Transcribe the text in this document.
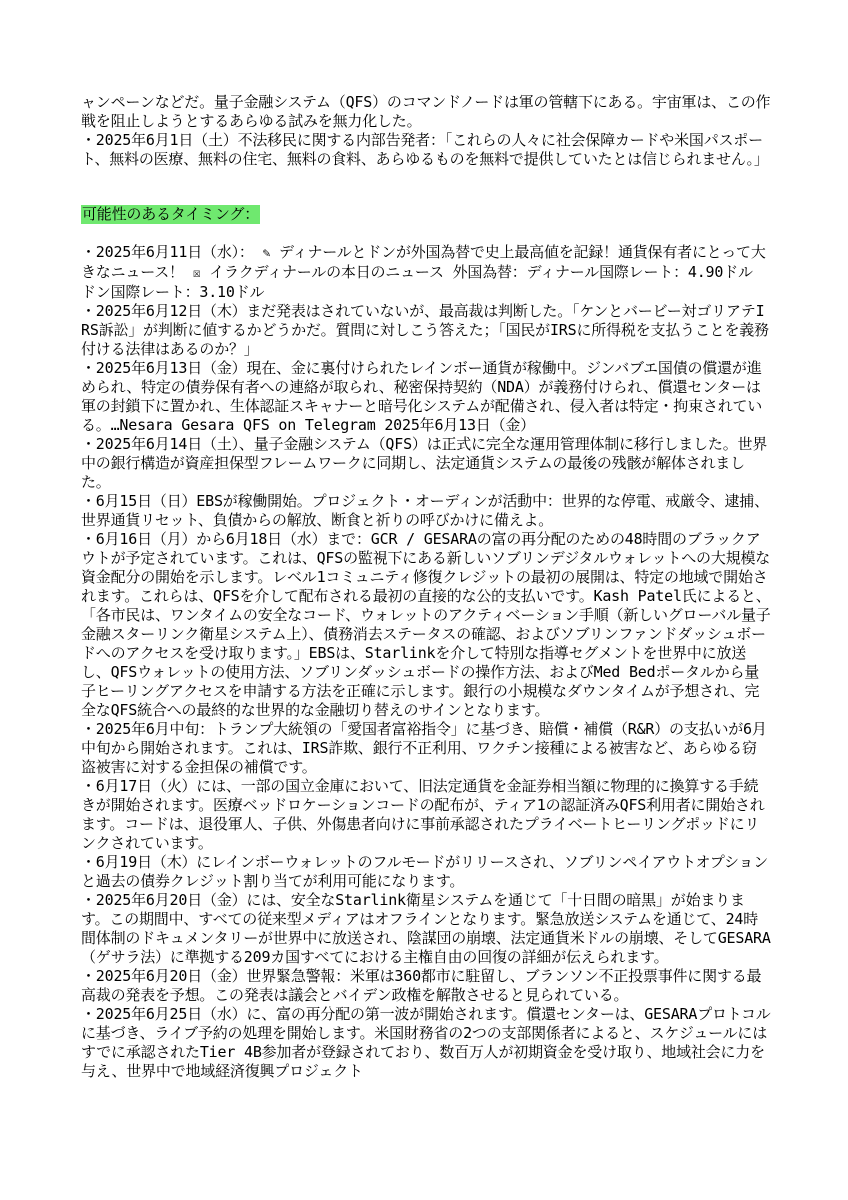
ャンペーンなどだ。量子金融システム（QFS）のコマンドノードは軍の管轄下にある。宇宙軍は、この作戦を阻止しようとするあらゆる試みを無力化した。

・2025年6月1日（土）不法移民に関する内部告発者：「これらの人々に社会保障カードや米国パスポート、無料の医療、無料の住宅、無料の食料、あらゆるものを無料で提供していたとは信じられません。」

可能性のあるタイミング：

・2025年6月11日（水）： ✎ ディナールとドンが外国為替で史上最高値を記録！通貨保有者にとって大きなニュース！ ☒ イラクディナールの本日のニュース 外国為替：ディナール国際レート：4.90ドル ドン国際レート：3.10ドル

・2025年6月12日（木）まだ発表はされていないが、最高裁は判断した。「ケンとバービー対ゴリアテIRS訴訟」が判断に値するかどうかだ。質問に対しこう答えた；「国民がIRSに所得税を支払うことを義務付ける法律はあるのか？」

・2025年6月13日（金）現在、金に裏付けられたレインボー通貨が稼働中。ジンバブエ国債の償還が進められ、特定の債券保有者への連絡が取られ、秘密保持契約（NDA）が義務付けられ、償還センターは軍の封鎖下に置かれ、生体認証スキャナーと暗号化システムが配備され、侵入者は特定・拘束されている。…Nesara Gesara QFS on Telegram 2025年6月13日（金）

・2025年6月14日（土）、量子金融システム（QFS）は正式に完全な運用管理体制に移行しました。世界中の銀行構造が資産担保型フレームワークに同期し、法定通貨システムの最後の残骸が解体されました。

・6月15日（日）EBSが稼働開始。プロジェクト・オーディンが活動中：世界的な停電、戒厳令、逮捕、世界通貨リセット、負債からの解放、断食と祈りの呼びかけに備えよ。

・6月16日（月）から6月18日（水）まで：GCR / GESARAの富の再分配のための48時間のブラックアウトが予定されています。これは、QFSの監視下にある新しいソブリンデジタルウォレットへの大規模な資金配分の開始を示します。レベル1コミュニティ修復クレジットの最初の展開は、特定の地域で開始されます。これらは、QFSを介して配布される最初の直接的な公的支払いです。Kash Patel氏によると、「各市民は、ワンタイムの安全なコード、ウォレットのアクティベーション手順（新しいグローバル量子金融スターリンク衛星システム上）、債務消去ステータスの確認、およびソブリンファンドダッシュボードへのアクセスを受け取ります。」EBSは、Starlinkを介して特別な指導セグメントを世界中に放送し、QFSウォレットの使用方法、ソブリンダッシュボードの操作方法、およびMed Bedポータルから量子ヒーリングアクセスを申請する方法を正確に示します。銀行の小規模なダウンタイムが予想され、完全なQFS統合への最終的な世界的な金融切り替えのサインとなります。

・2025年6月中旬：トランプ大統領の「愛国者富裕指令」に基づき、賠償・補償（R&R）の支払いが6月中旬から開始されます。これは、IRS詐欺、銀行不正利用、ワクチン接種による被害など、あらゆる窃盗被害に対する金担保の補償です。

・6月17日（火）には、一部の国立金庫において、旧法定通貨を金証券相当額に物理的に換算する手続きが開始されます。医療ベッドロケーションコードの配布が、ティア1の認証済みQFS利用者に開始されます。コードは、退役軍人、子供、外傷患者向けに事前承認されたプライベートヒーリングポッドにリンクされています。

・6月19日（木）にレインボーウォレットのフルモードがリリースされ、ソブリンペイアウトオプションと過去の債券クレジット割り当てが利用可能になります。

・2025年6月20日（金）には、安全なStarlink衛星システムを通じて「十日間の暗黒」が始まります。この期間中、すべての従来型メディアはオフラインとなります。緊急放送システムを通じて、24時間体制のドキュメンタリーが世界中に放送され、陰謀団の崩壊、法定通貨米ドルの崩壊、そしてGESARA（ゲサラ法）に準拠する209カ国すべてにおける主権自由の回復の詳細が伝えられます。

・2025年6月20日（金）世界緊急警報：米軍は360都市に駐留し、ブランソン不正投票事件に関する最高裁の発表を予想。この発表は議会とバイデン政権を解散させると見られている。

・2025年6月25日（水）に、富の再分配の第一波が開始されます。償還センターは、GESARAプロトコルに基づき、ライブ予約の処理を開始します。米国財務省の2つの支部関係者によると、スケジュールにはすでに承認されたTier 4B参加者が登録されており、数百万人が初期資金を受け取り、地域社会に力を与え、世界中で地域経済復興プロジェクト
